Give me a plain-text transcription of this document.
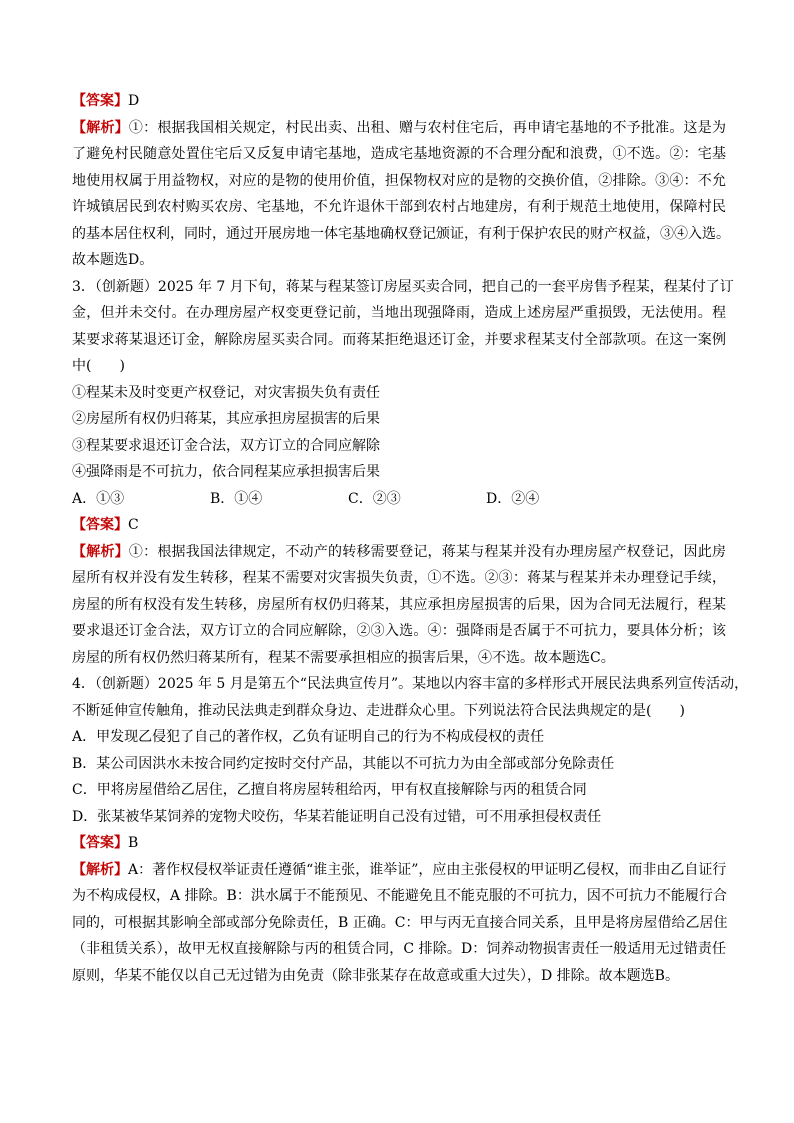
【答案】D
【解析】①：根据我国相关规定，村民出卖、出租、赠与农村住宅后，再申请宅基地的不予批准。这是为
了避免村民随意处置住宅后又反复申请宅基地，造成宅基地资源的不合理分配和浪费，①不选。②：宅基
地使用权属于用益物权，对应的是物的使用价值，担保物权对应的是物的交换价值，②排除。③④：不允
许城镇居民到农村购买农房、宅基地，不允许退休干部到农村占地建房，有利于规范土地使用，保障村民
的基本居住权利，同时，通过开展房地一体宅基地确权登记颁证，有利于保护农民的财产权益，③④入选。
故本题选D。
3．（创新题）2025 年 7 月下旬，蒋某与程某签订房屋买卖合同，把自己的一套平房售予程某，程某付了订
金，但并未交付。在办理房屋产权变更登记前，当地出现强降雨，造成上述房屋严重损毁，无法使用。程
某要求蒋某退还订金，解除房屋买卖合同。而蒋某拒绝退还订金，并要求程某支付全部款项。在这一案例
中(　　)
①程某未及时变更产权登记，对灾害损失负有责任
②房屋所有权仍归蒋某，其应承担房屋损害的后果
③程某要求退还订金合法，双方订立的合同应解除
④强降雨是不可抗力，依合同程某应承担损害后果
A．①③	B．①④	C．②③	D．②④
【答案】C
【解析】①：根据我国法律规定，不动产的转移需要登记，蒋某与程某并没有办理房屋产权登记，因此房
屋所有权并没有发生转移，程某不需要对灾害损失负责，①不选。②③：蒋某与程某并未办理登记手续，
房屋的所有权没有发生转移，房屋所有权仍归蒋某，其应承担房屋损害的后果，因为合同无法履行，程某
要求退还订金合法，双方订立的合同应解除，②③入选。④：强降雨是否属于不可抗力，要具体分析；该
房屋的所有权仍然归蒋某所有，程某不需要承担相应的损害后果，④不选。故本题选C。
4．（创新题）2025 年 5 月是第五个“民法典宣传月”。某地以内容丰富的多样形式开展民法典系列宣传活动，
不断延伸宣传触角，推动民法典走到群众身边、走进群众心里。下列说法符合民法典规定的是(　　)
A．甲发现乙侵犯了自己的著作权，乙负有证明自己的行为不构成侵权的责任
B．某公司因洪水未按合同约定按时交付产品，其能以不可抗力为由全部或部分免除责任
C．甲将房屋借给乙居住，乙擅自将房屋转租给丙，甲有权直接解除与丙的租赁合同
D．张某被华某饲养的宠物犬咬伤，华某若能证明自己没有过错，可不用承担侵权责任
【答案】B
【解析】A：著作权侵权举证责任遵循“谁主张，谁举证”，应由主张侵权的甲证明乙侵权，而非由乙自证行
为不构成侵权，A 排除。B：洪水属于不能预见、不能避免且不能克服的不可抗力，因不可抗力不能履行合
同的，可根据其影响全部或部分免除责任，B 正确。C：甲与丙无直接合同关系，且甲是将房屋借给乙居住
（非租赁关系），故甲无权直接解除与丙的租赁合同，C 排除。D：饲养动物损害责任一般适用无过错责任
原则，华某不能仅以自己无过错为由免责（除非张某存在故意或重大过失），D 排除。故本题选B。
